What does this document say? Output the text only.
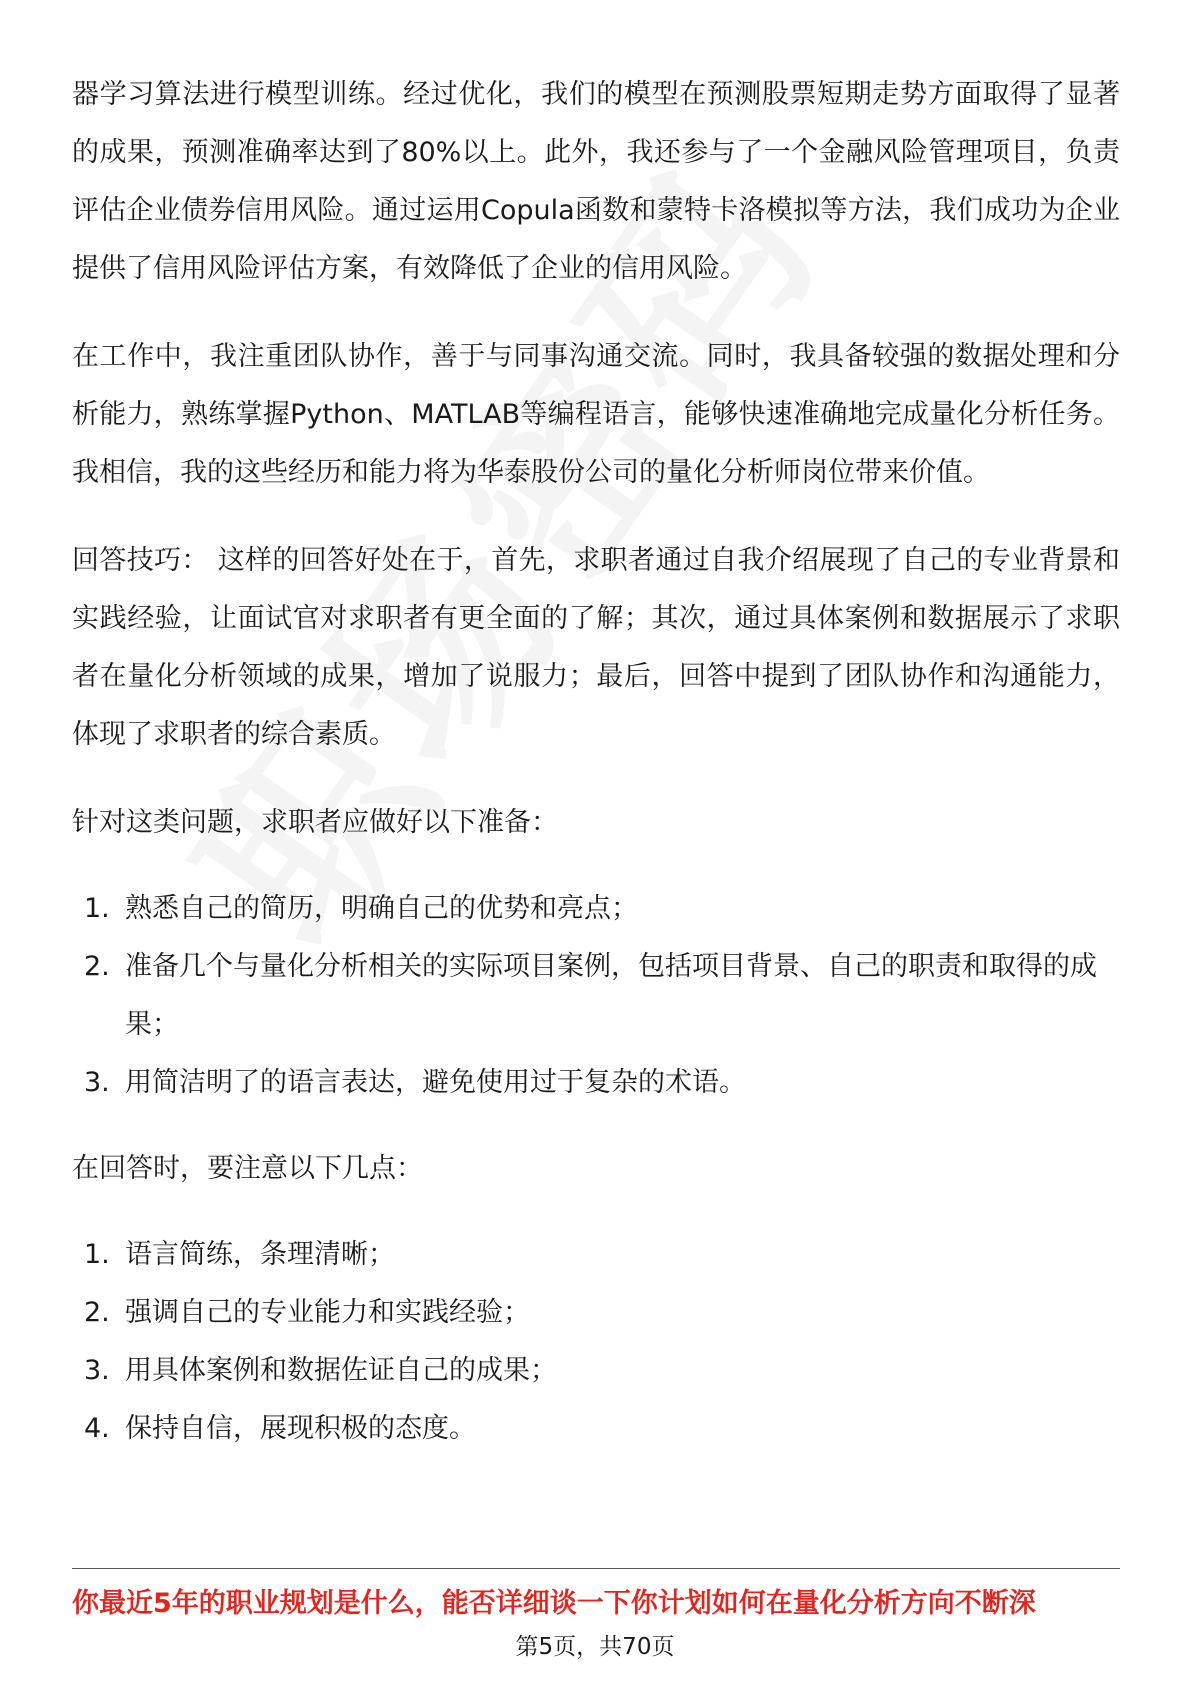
器学习算法进行模型训练。经过优化，我们的模型在预测股票短期走势方面取得了显著的成果，预测准确率达到了80%以上。此外，我还参与了一个金融风险管理项目，负责评估企业债券信用风险。通过运用Copula函数和蒙特卡洛模拟等方法，我们成功为企业提供了信用风险评估方案，有效降低了企业的信用风险。

在工作中，我注重团队协作，善于与同事沟通交流。同时，我具备较强的数据处理和分析能力，熟练掌握Python、MATLAB等编程语言，能够快速准确地完成量化分析任务。我相信，我的这些经历和能力将为华泰股份公司的量化分析师岗位带来价值。

回答技巧： 这样的回答好处在于，首先，求职者通过自我介绍展现了自己的专业背景和实践经验，让面试官对求职者有更全面的了解；其次，通过具体案例和数据展示了求职者在量化分析领域的成果，增加了说服力；最后，回答中提到了团队协作和沟通能力，体现了求职者的综合素质。

针对这类问题，求职者应做好以下准备：

1. 熟悉自己的简历，明确自己的优势和亮点；
2. 准备几个与量化分析相关的实际项目案例，包括项目背景、自己的职责和取得的成果；
3. 用简洁明了的语言表达，避免使用过于复杂的术语。

在回答时，要注意以下几点：

1. 语言简练，条理清晰；
2. 强调自己的专业能力和实践经验；
3. 用具体案例和数据佐证自己的成果；
4. 保持自信，展现积极的态度。
你最近5年的职业规划是什么，能否详细谈一下你计划如何在量化分析方向不断深
第5页，共70页
